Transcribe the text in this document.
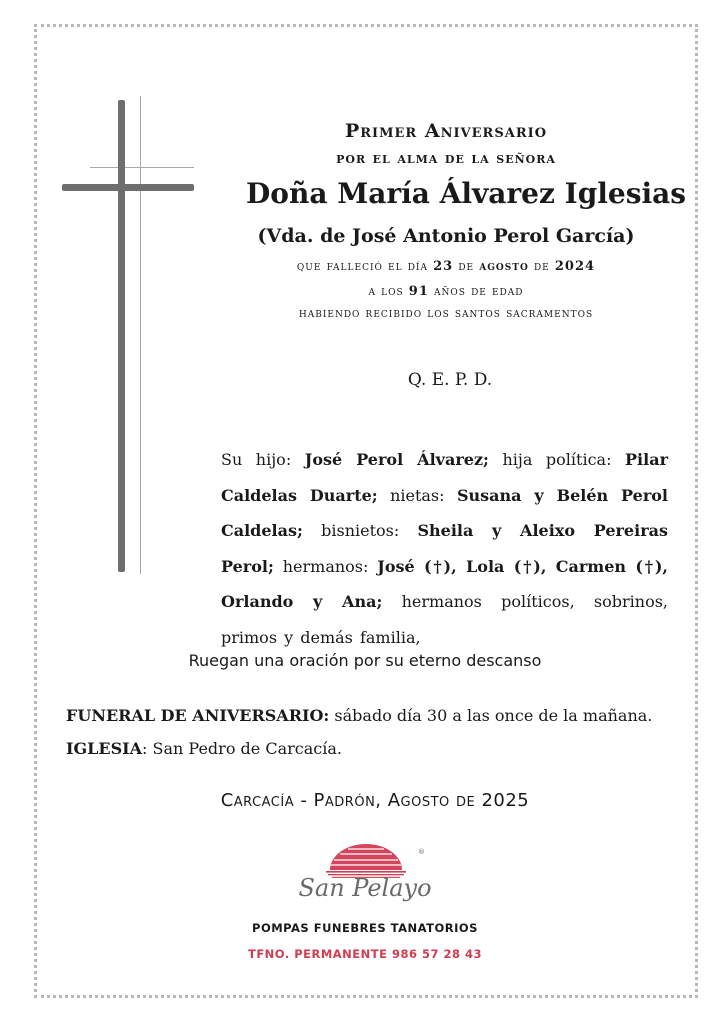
Primer Aniversario
por el alma de la señora
Doña María Álvarez Iglesias
(Vda. de José Antonio Perol García)
que falleció el día 23 de agosto de 2024
a los 91 años de edad
habiendo recibido los santos sacramentos
Q. E. P. D.
Su hijo: José Perol Álvarez; hija política: Pilar Caldelas Duarte; nietas: Susana y Belén Perol Caldelas; bisnietos: Sheila y Aleixo Pereiras Perol; hermanos: José (†), Lola (†), Carmen (†), Orlando y Ana; hermanos políticos, sobrinos, primos y demás familia,
Ruegan una oración por su eterno descanso
FUNERAL DE ANIVERSARIO: sábado día 30 a las once de la mañana.
IGLESIA: San Pedro de Carcacía.
Carcacía - Padrón, Agosto de 2025
®
San Pelayo
POMPAS FUNEBRES TANATORIOS
TFNO. PERMANENTE 986 57 28 43
